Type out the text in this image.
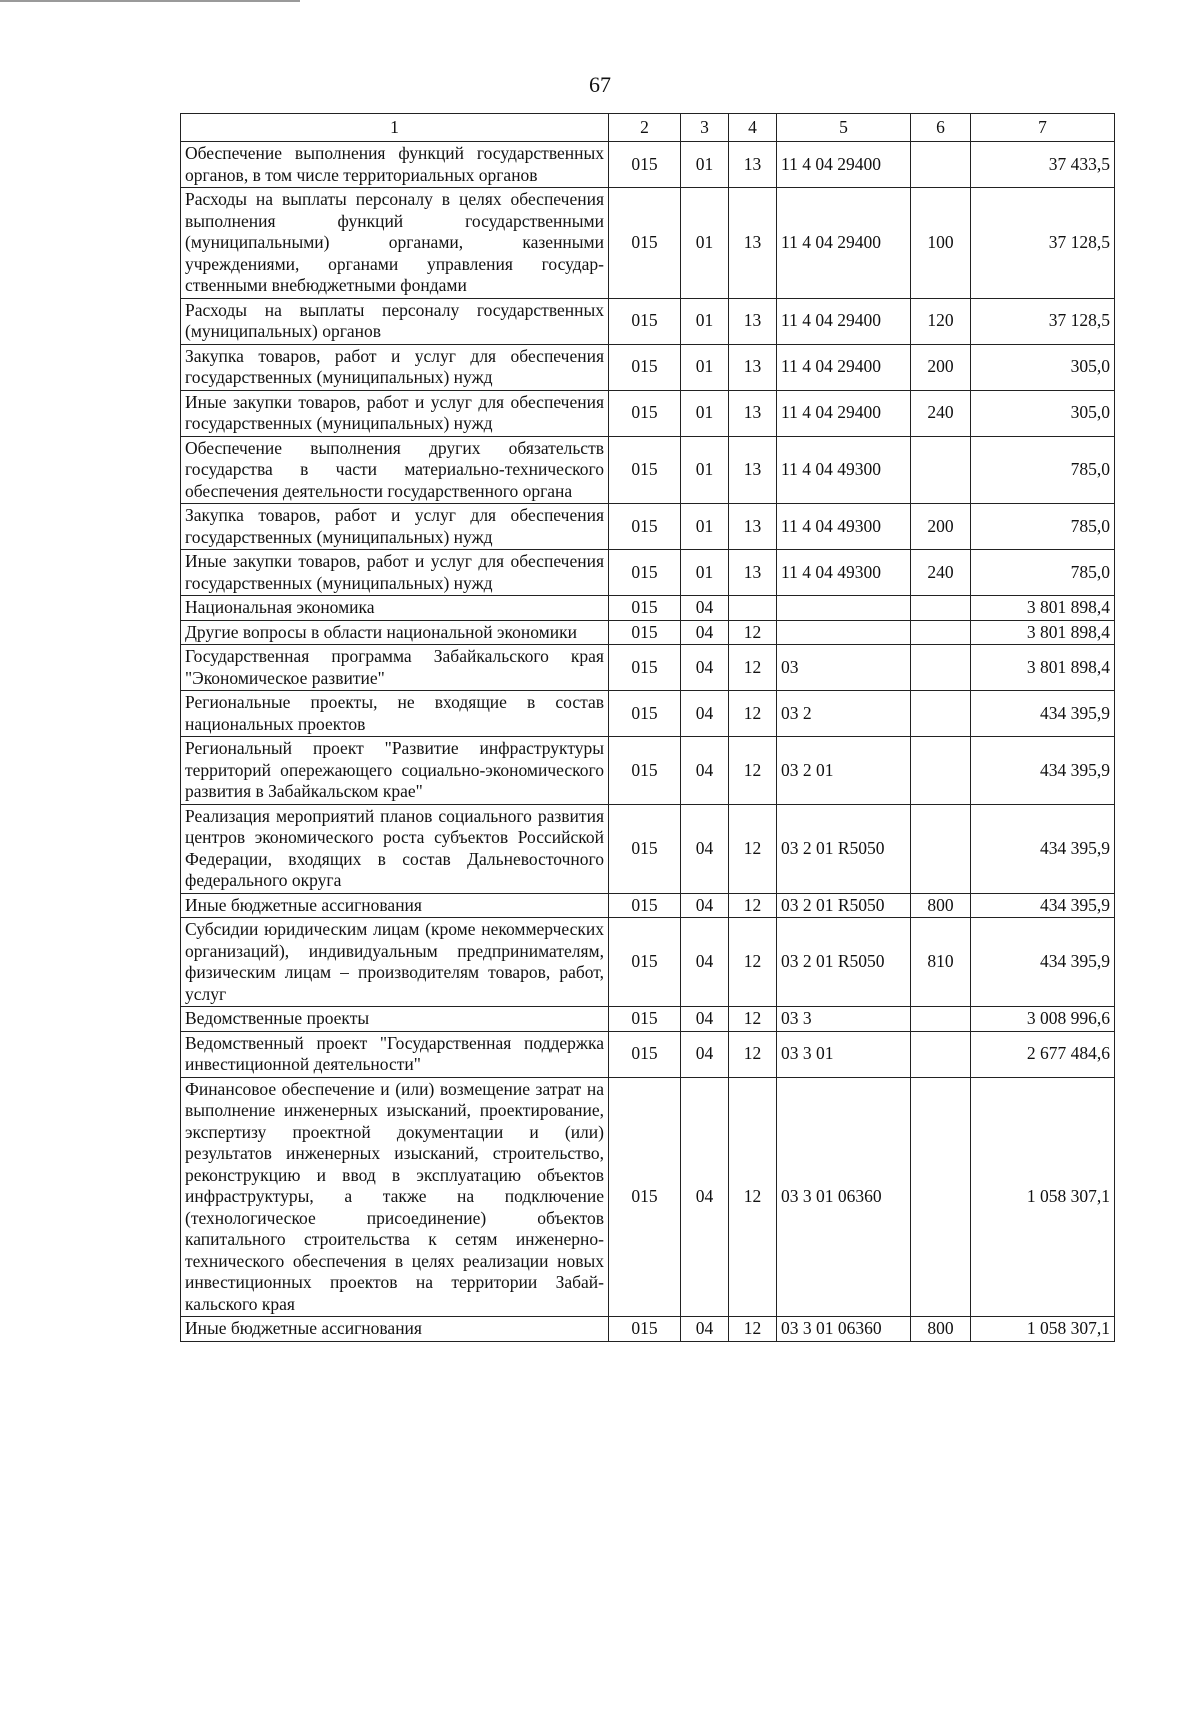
67
1	2	3	4	5	6	7
Обеспечение выполнения функций государственных органов, в том числе территориальных органов	015	01	13	11 4 04 29400		37 433,5
Расходы на выплаты персоналу в целях обеспечения выполнения функций государственными (муниципальными) органами, казенными учреждениями, органами управления государственными внебюджетными фондами	015	01	13	11 4 04 29400	100	37 128,5
Расходы на выплаты персоналу государственных (муниципальных) органов	015	01	13	11 4 04 29400	120	37 128,5
Закупка товаров, работ и услуг для обеспечения государственных (муниципальных) нужд	015	01	13	11 4 04 29400	200	305,0
Иные закупки товаров, работ и услуг для обеспечения государственных (муниципальных) нужд	015	01	13	11 4 04 29400	240	305,0
Обеспечение выполнения других обязательств государства в части материально-технического обеспечения деятельности государственного органа	015	01	13	11 4 04 49300		785,0
Закупка товаров, работ и услуг для обеспечения государственных (муниципальных) нужд	015	01	13	11 4 04 49300	200	785,0
Иные закупки товаров, работ и услуг для обеспечения государственных (муниципальных) нужд	015	01	13	11 4 04 49300	240	785,0
Национальная экономика	015	04				3 801 898,4
Другие вопросы в области национальной экономики	015	04	12			3 801 898,4
Государственная программа Забайкальского края "Экономическое развитие"	015	04	12	03		3 801 898,4
Региональные проекты, не входящие в состав национальных проектов	015	04	12	03 2		434 395,9
Региональный проект "Развитие инфраструктуры территорий опережающего социально-экономического развития в Забайкальском крае"	015	04	12	03 2 01		434 395,9
Реализация мероприятий планов социального развития центров экономического роста субъектов Российской Федерации, входящих в состав Дальневосточного федерального округа	015	04	12	03 2 01 R5050		434 395,9
Иные бюджетные ассигнования	015	04	12	03 2 01 R5050	800	434 395,9
Субсидии юридическим лицам (кроме некоммерческих организаций), индивидуальным предпринимателям, физическим лицам – производителям товаров, работ, услуг	015	04	12	03 2 01 R5050	810	434 395,9
Ведомственные проекты	015	04	12	03 3		3 008 996,6
Ведомственный проект "Государственная поддержка инвестиционной деятельности"	015	04	12	03 3 01		2 677 484,6
Финансовое обеспечение и (или) возмещение затрат на выполнение инженерных изысканий, проектирование, экспертизу проектной документации и (или) результатов инженерных изысканий, строительство, реконструкцию и ввод в эксплуатацию объектов инфраструктуры, а также на подключение (технологическое присоединение) объектов капитального строительства к сетям инженерно-технического обеспечения в целях реализации новых инвестиционных проектов на территории Забайкальского края	015	04	12	03 3 01 06360		1 058 307,1
Иные бюджетные ассигнования	015	04	12	03 3 01 06360	800	1 058 307,1
